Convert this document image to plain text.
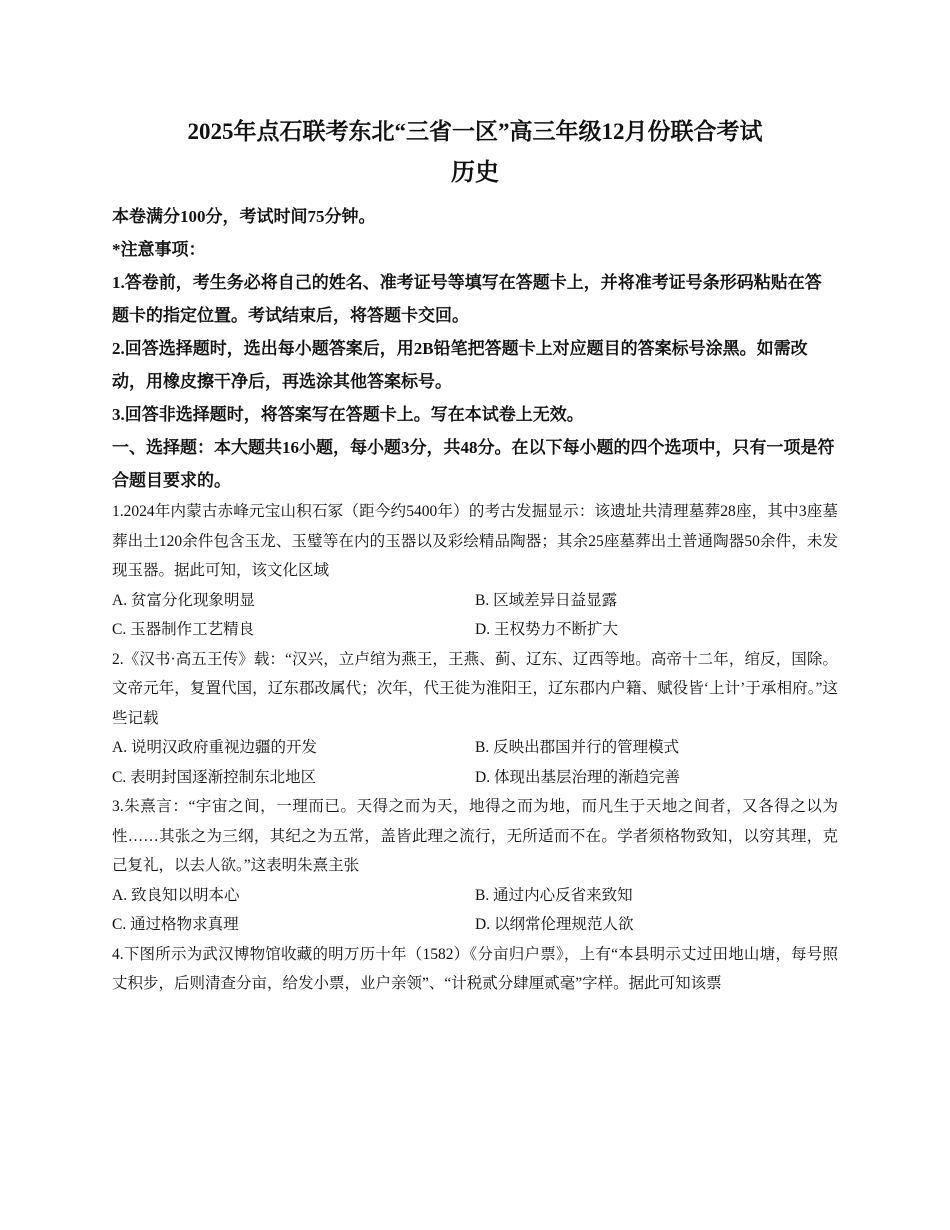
2025年点石联考东北“三省一区”高三年级12月份联合考试
历史

本卷满分100分，考试时间75分钟。

*注意事项：

1.答卷前，考生务必将自己的姓名、准考证号等填写在答题卡上，并将准考证号条形码粘贴在答题卡的指定位置。考试结束后，将答题卡交回。

2.回答选择题时，选出每小题答案后，用2B铅笔把答题卡上对应题目的答案标号涂黑。如需改动，用橡皮擦干净后，再选涂其他答案标号。

3.回答非选择题时，将答案写在答题卡上。写在本试卷上无效。

一、选择题：本大题共16小题，每小题3分，共48分。在以下每小题的四个选项中，只有一项是符合题目要求的。

1.2024年内蒙古赤峰元宝山积石冢（距今约5400年）的考古发掘显示：该遗址共清理墓葬28座，其中3座墓葬出土120余件包含玉龙、玉璧等在内的玉器以及彩绘精品陶器；其余25座墓葬出土普通陶器50余件，未发现玉器。据此可知，该文化区域

A. 贫富分化现象明显	B. 区域差异日益显露
C. 玉器制作工艺精良	D. 王权势力不断扩大

2.《汉书·高五王传》载：“汉兴，立卢绾为燕王，王燕、蓟、辽东、辽西等地。高帝十二年，绾反，国除。文帝元年，复置代国，辽东郡改属代；次年，代王徙为淮阳王，辽东郡内户籍、赋役皆‘上计’于承相府。”这些记载

A. 说明汉政府重视边疆的开发	B. 反映出郡国并行的管理模式
C. 表明封国逐渐控制东北地区	D. 体现出基层治理的渐趋完善

3.朱熹言：“宇宙之间，一理而已。天得之而为天，地得之而为地，而凡生于天地之间者，又各得之以为性……其张之为三纲，其纪之为五常，盖皆此理之流行，无所适而不在。学者须格物致知，以穷其理，克己复礼，以去人欲。”这表明朱熹主张

A. 致良知以明本心	B. 通过内心反省来致知
C. 通过格物求真理	D. 以纲常伦理规范人欲

4.下图所示为武汉博物馆收藏的明万历十年（1582）《分亩归户票》，上有“本县明示丈过田地山塘，每号照丈积步，后则清查分亩，给发小票，业户亲领”、“计税贰分肆厘贰毫”字样。据此可知该票
